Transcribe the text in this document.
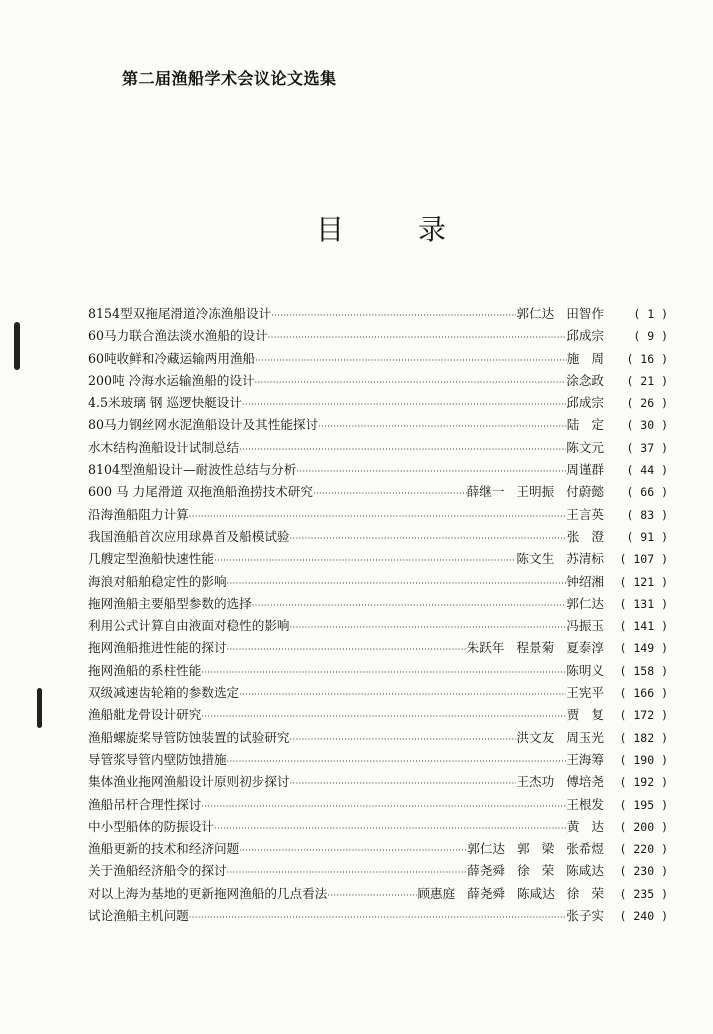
第二届渔船学术会议论文选集
目	录
8154型双拖尾滑道冷冻渔船设计 ·····	郭仁达 田智作	( 1 )
60马力联合渔法淡水渔船的设计 ·····	邱成宗	( 9 )
60吨收鲜和冷藏运输两用渔船 ·····	施 周	( 16 )
200吨 冷海水运输渔船的设计 ·····	涂念政	( 21 )
4.5米玻璃 钢 巡逻快艇设计 ·····	邱成宗	( 26 )
80马力钢丝网水泥渔船设计及其性能探讨 ·····	陆 定	( 30 )
水木结构渔船设计试制总结 ·····	陈文元	( 37 )
8104型渔船设计—耐波性总结与分析 ·····	周谨群	( 44 )
600 马 力尾滑道 双拖渔船渔捞技术研究 ·····	薛继一 王明振 付蔚懿	( 66 )
沿海渔船阻力计算 ·····	王言英	( 83 )
我国渔船首次应用球鼻首及船模试验 ·····	张 澄	( 91 )
几艘定型渔船快速性能 ·····	陈文生 苏清标	( 107 )
海浪对船舶稳定性的影响 ·····	钟绍湘	( 121 )
拖网渔船主要船型参数的选择 ·····	郭仁达	( 131 )
利用公式计算自由液面对稳性的影响 ·····	冯振玉	( 141 )
拖网渔船推进性能的探讨 ·····	朱跃年 程景菊 夏泰淳	( 149 )
拖网渔船的系柱性能 ·····	陈明义	( 158 )
双级减速齿轮箱的参数选定 ·····	王宪平	( 166 )
渔船舭龙骨设计研究 ·····	贾 复	( 172 )
渔船螺旋桨导管防蚀装置的试验研究 ·····	洪文友 周玉光	( 182 )
导管浆导管内壁防蚀措施 ·····	王海筹	( 190 )
集体渔业拖网渔船设计原则初步探讨 ·····	王杰功 傅培尧	( 192 )
渔船吊杆合理性探讨 ·····	王根发	( 195 )
中小型船体的防振设计 ·····	黄 达	( 200 )
渔船更新的技术和经济问题 ·····	郭仁达 郭 梁 张希煜	( 220 )
关于渔船经济船令的探讨 ·····	薛尧舜 徐 荣 陈咸达	( 230 )
对以上海为基地的更新拖网渔船的几点看法 ·····	顾惠庭 薛尧舜 陈咸达 徐 荣	( 235 )
试论渔船主机问题 ·····	张子实	( 240 )
